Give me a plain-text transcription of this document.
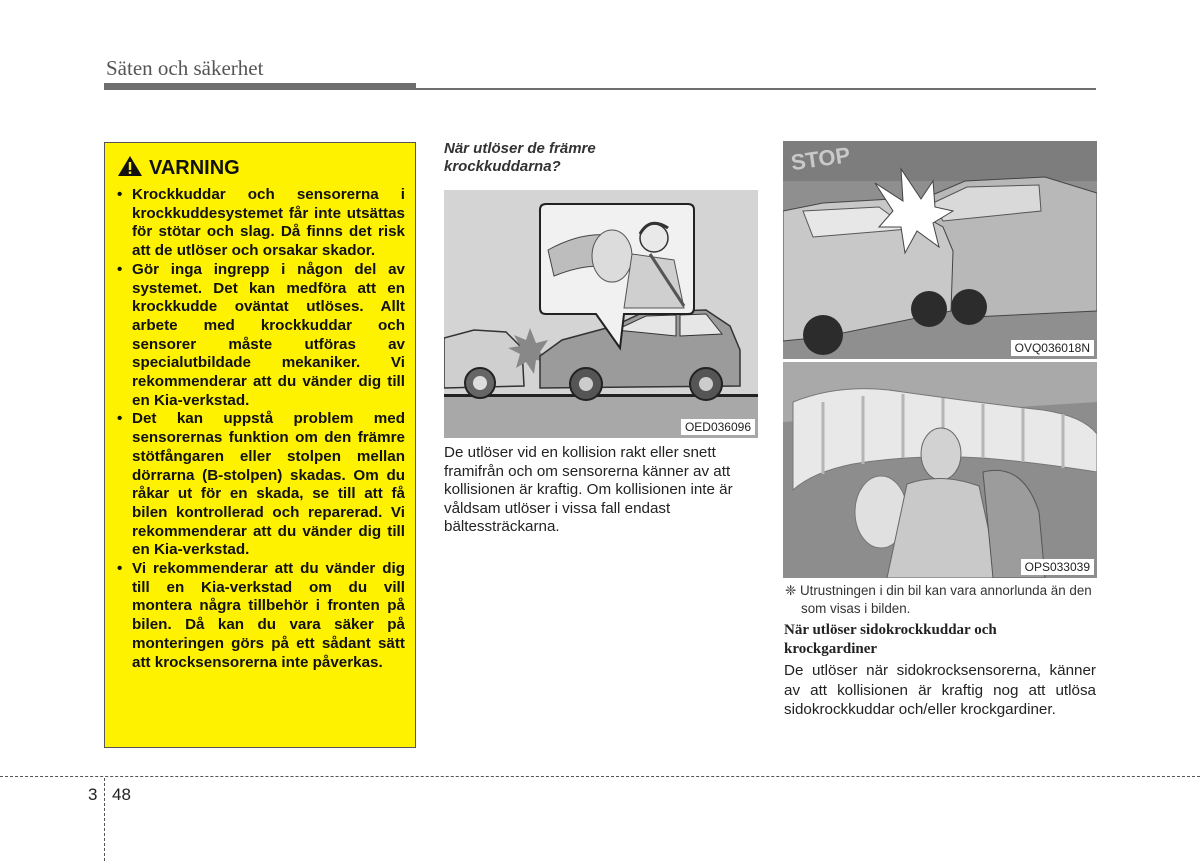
Säten och säkerhet
VARNING
• Krockkuddar och sensorerna i krockkuddesystemet får inte utsättas för stötar och slag. Då finns det risk att de utlöser och orsakar skador.
• Gör inga ingrepp i någon del av systemet. Det kan medföra att en krockkudde oväntat utlöses. Allt arbete med krockkuddar och sensorer måste utföras av specialutbildade mekaniker. Vi rekommenderar att du vänder dig till en Kia-verkstad.
• Det kan uppstå problem med sensorernas funktion om den främre stötfångaren eller stolpen mellan dörrarna (B-stolpen) skadas. Om du råkar ut för en skada, se till att få bilen kontrollerad och reparerad. Vi rekommenderar att du vänder dig till en Kia-verkstad.
• Vi rekommenderar att du vänder dig till en Kia-verkstad om du vill montera några tillbehör i fronten på bilen. Då kan du vara säker på monteringen görs på ett sådant sätt att krocksensorerna inte påverkas.
När utlöser de främre krockkuddarna?
OED036096
De utlöser vid en kollision rakt eller snett framifrån och om sensorerna känner av att kollisionen är kraftig. Om kollisionen inte är våldsam utlöser i vissa fall endast bältessträckarna.
STOP
OVQ036018N
OPS033039
❈ Utrustningen i din bil kan vara annorlunda än den som visas i bilden.
När utlöser sidokrockkuddar och krockgardiner
De utlöser när sidokrocksensorerna, känner av att kollisionen är kraftig nog att utlösa sidokrockkuddar och/eller krockgardiner.
3 48
